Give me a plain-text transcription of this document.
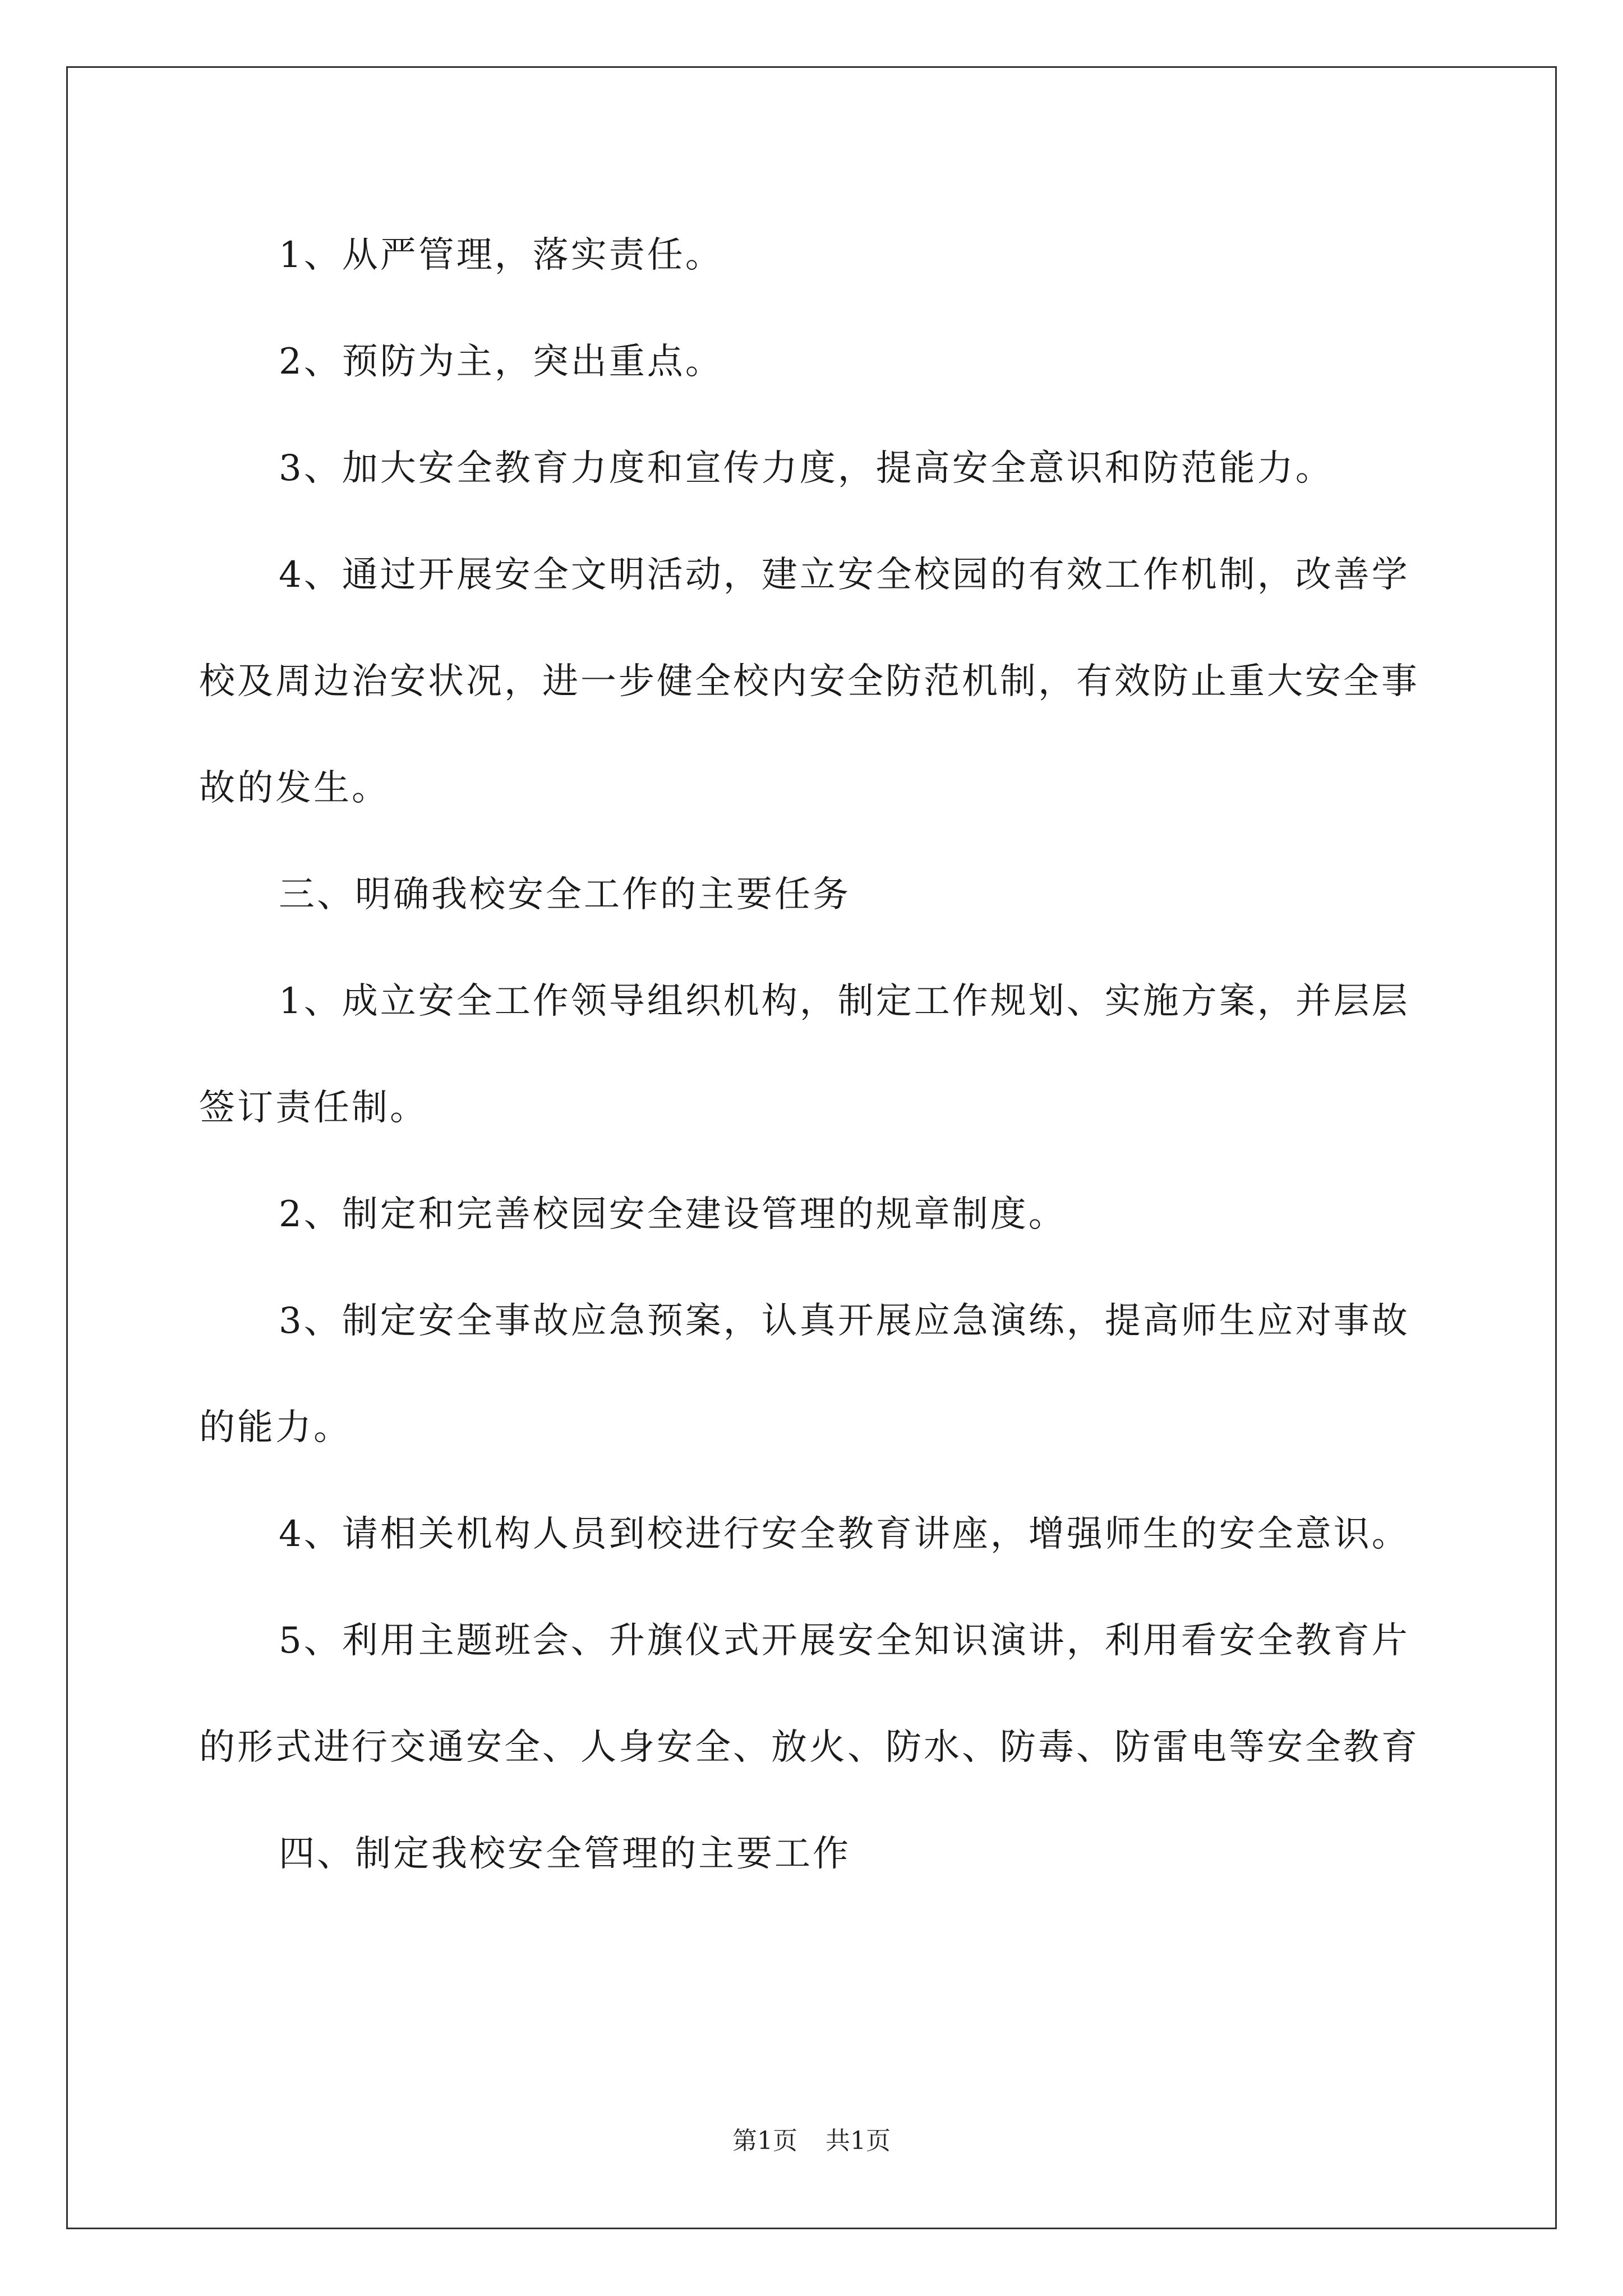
1、从严管理，落实责任。

2、预防为主，突出重点。

3、加大安全教育力度和宣传力度，提高安全意识和防范能力。

4、通过开展安全文明活动，建立安全校园的有效工作机制，改善学校及周边治安状况，进一步健全校内安全防范机制，有效防止重大安全事故的发生。

三、明确我校安全工作的主要任务

1、成立安全工作领导组织机构，制定工作规划、实施方案，并层层签订责任制。

2、制定和完善校园安全建设管理的规章制度。

3、制定安全事故应急预案，认真开展应急演练，提高师生应对事故的能力。

4、请相关机构人员到校进行安全教育讲座，增强师生的安全意识。

5、利用主题班会、升旗仪式开展安全知识演讲，利用看安全教育片的形式进行交通安全、人身安全、放火、防水、防毒、防雷电等安全教育

四、制定我校安全管理的主要工作

第1页 共1页
